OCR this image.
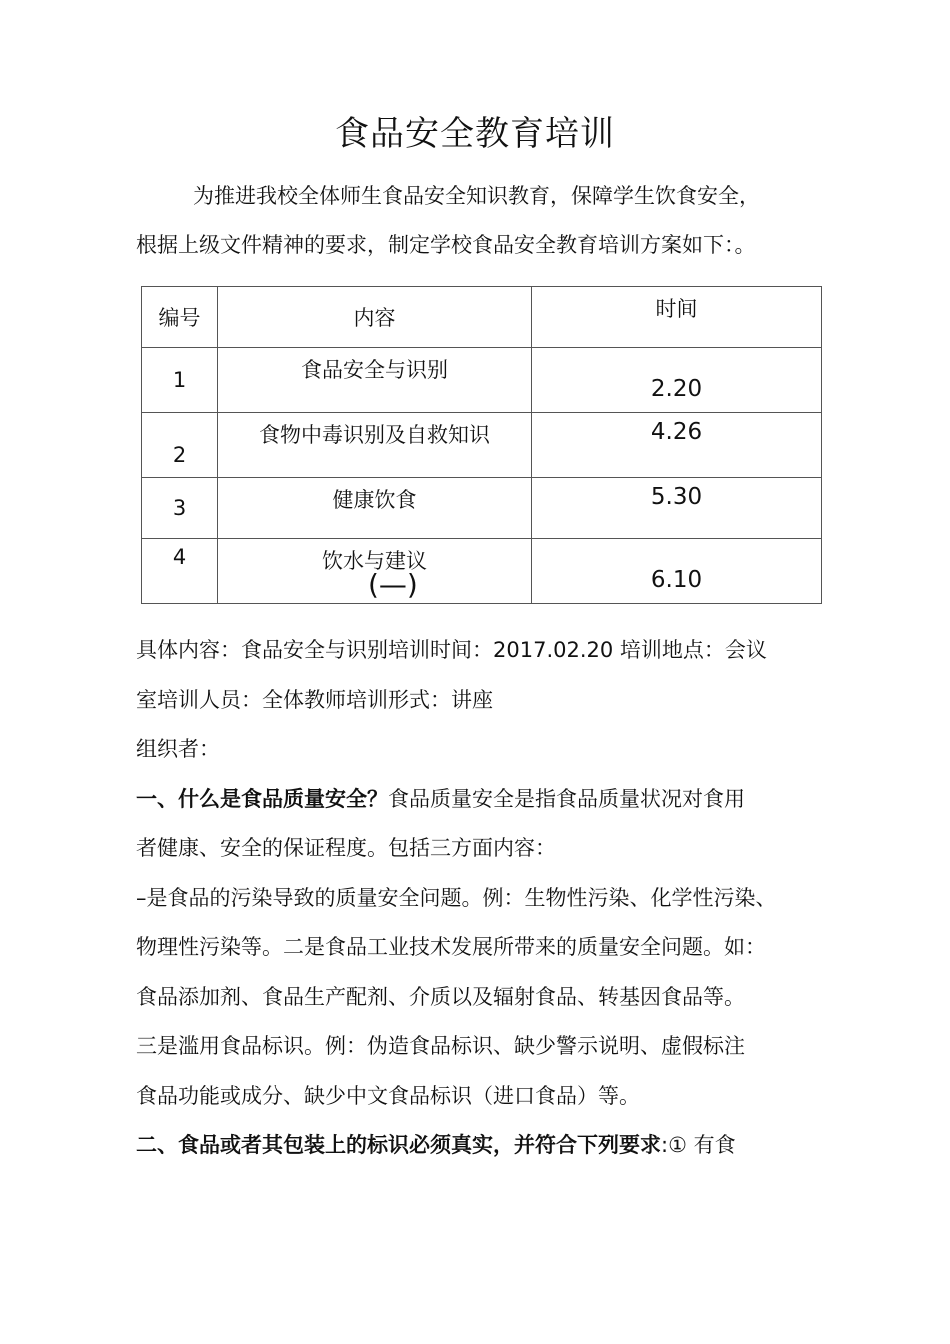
食品安全教育培训

为推进我校全体师生食品安全知识教育，保障学生饮食安全，
根据上级文件精神的要求，制定学校食品安全教育培训方案如下：。

编号	内容	时间
1	食品安全与识别	2.20
2	食物中毒识别及自救知识	4.26
3	健康饮食	5.30
4	饮水与建议	6.10
(—)

具体内容：食品安全与识别培训时间：2017.02.20 培训地点：会议
室培训人员：全体教师培训形式：讲座
组织者：
一、什么是食品质量安全？食品质量安全是指食品质量状况对食用
者健康、安全的保证程度。包括三方面内容：
–是食品的污染导致的质量安全问题。例：生物性污染、化学性污染、
物理性污染等。二是食品工业技术发展所带来的质量安全问题。如：
食品添加剂、食品生产配剂、介质以及辐射食品、转基因食品等。
三是滥用食品标识。例：伪造食品标识、缺少警示说明、虚假标注
食品功能或成分、缺少中文食品标识（进口食品）等。
二、食品或者其包装上的标识必须真实，并符合下列要求:① 有食
